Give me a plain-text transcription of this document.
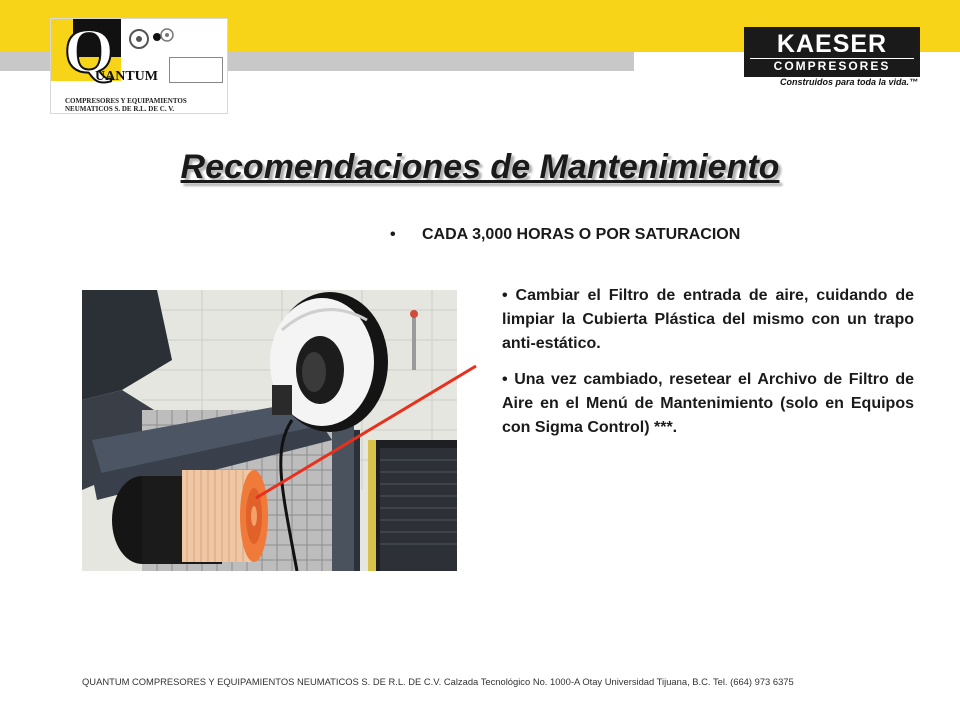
Q
UANTUM
COMPRESORES Y EQUIPAMIENTOS
NEUMATICOS S. DE R.L. DE C. V.
KAESER
COMPRESORES
Construidos para toda la vida.™
Recomendaciones de Mantenimiento
• CADA 3,000 HORAS O POR SATURACION

• Cambiar el Filtro de entrada de aire, cuidando de limpiar la Cubierta Plástica del mismo con un trapo anti-estático.

• Una vez cambiado, resetear el Archivo de Filtro de Aire en el Menú de Mantenimiento (solo en Equipos con Sigma Control) ***.

QUANTUM COMPRESORES Y EQUIPAMIENTOS NEUMATICOS S. DE R.L. DE C.V. Calzada Tecnológico No. 1000-A Otay Universidad Tijuana, B.C. Tel. (664) 973 6375
